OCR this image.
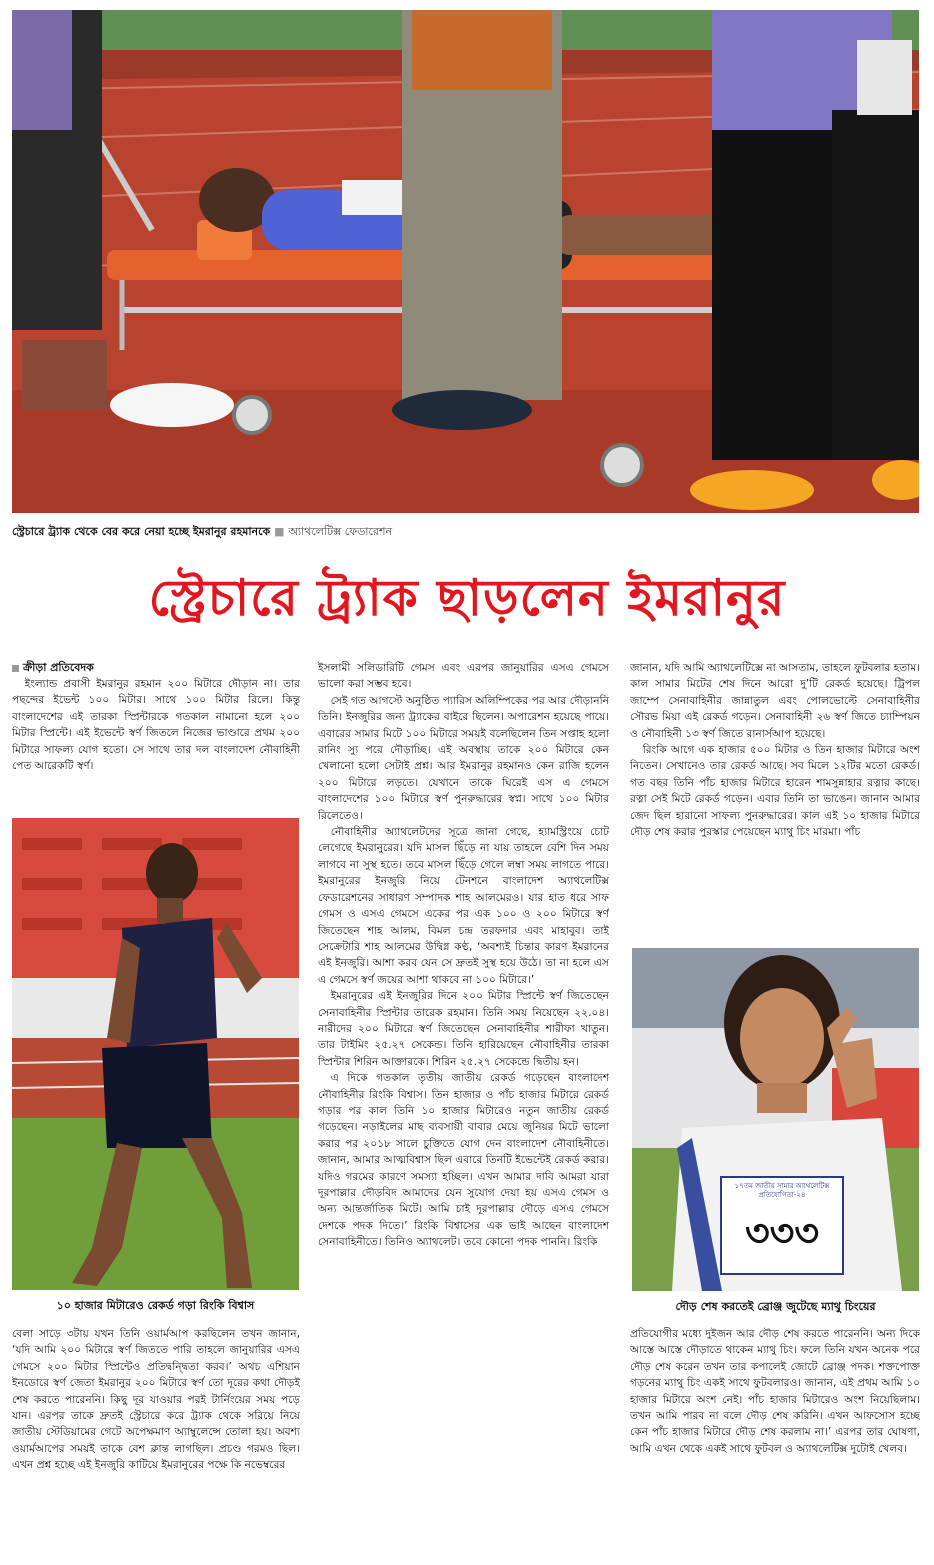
স্ট্রেচারে ট্র্যাক থেকে বের করে নেয়া হচ্ছে ইমরানুর রহমানকে ■ অ্যাথলেটিক্স ফেডারেশন
স্ট্রেচারে ট্র্যাক ছাড়লেন ইমরানুর
ক্রীড়া প্রতিবেদক

ইংল্যান্ড প্রবাসী ইমরানুর রহমান ২০০ মিটারে দৌড়ান না। তার পছন্দের ইভেন্ট ১০০ মিটার। সাথে ১০০ মিটার রিলে। কিন্তু বাংলাদেশের এই তারকা স্প্রিন্টারকে গতকাল নামানো হলে ২০০ মিটার স্প্রিন্টে। এই ইভেন্টে স্বর্ণ জিতলে নিজের ভাণ্ডারে প্রথম ২০০ মিটারে সাফল্য যোগ হতো। সে সাথে তার দল বাংলাদেশ নৌবাহিনী পেত আরেকটি স্বর্ণ।

১০ হাজার মিটারেও রেকর্ড গড়া রিংকি বিশ্বাস

বেলা সাড়ে ৩টায় যখন তিনি ওয়ার্মআপ করছিলেন তখন জানান, ‘যদি আমি ২০০ মিটারে স্বর্ণ জিততে পারি তাহলে জানুয়ারির এসএ গেমসে ২০০ মিটার স্প্রিন্টেও প্রতিদ্বন্দ্বিতা করব।’ অথচ এশিয়ান ইনডোরে স্বর্ণ জেতা ইমরানুর ২০০ মিটারে স্বর্ণ তো দূরের কথা দৌড়ই শেষ করতে পারেননি। কিছু দূর যাওয়ার পরই টার্নিংয়ের সময় পড়ে যান। এরপর তাকে দ্রুতই স্ট্রেচারে করে ট্র্যাক থেকে সরিয়ে নিয়ে জাতীয় স্টেডিয়ামের গেটে অপেক্ষমাণ অ্যাম্বুলেন্সে তোলা হয়। অবশ্য ওয়ার্মআপের সময়ই তাকে বেশ ক্লান্ত লাগছিল। প্রচণ্ড গরমও ছিল। এখন প্রশ্ন হচ্ছে এই ইনজুরি কাটিয়ে ইমরানুরের পক্ষে কি নভেম্বরের

ইসলামী সলিডারিটি গেমস এবং এরপর জানুয়ারির এসএ গেমসে ভালো করা সম্ভব হবে।

সেই গত আগস্টে অনুষ্ঠিত প্যারিস অলিম্পিকের পর আর দৌড়াননি তিনি। ইনজুরির জন্য ট্র্যাকের বাইরে ছিলেন। অপারেশন হয়েছে পায়ে। এবারের সামার মিটে ১০০ মিটারে সময়ই বলেছিলেন তিন সপ্তাহ হলো রানিং স্যু পরে দৌড়াচ্ছি। এই অবস্থায় তাকে ২০০ মিটারে কেন খেলানো হলো সেটাই প্রশ্ন। আর ইমরানুর রহমানও কেন রাজি হলেন ২০০ মিটারে লড়তে। যেখানে তাকে ঘিরেই এস এ গেমসে বাংলাদেশের ১০০ মিটারে স্বর্ণ পুনরুদ্ধারের স্বপ্ন। সাথে ১০০ মিটার রিলেতেও।

নৌবাহিনীর অ্যাথলেটদের সূত্রে জানা গেছে, হ্যামস্ট্রিংয়ে চোট লেগেছে ইমরানুরের। যদি মাসল ছিঁড়ে না যায় তাহলে বেশি দিন সময় লাগবে না সুস্থ হতে। তবে মাসল ছিঁড়ে গেলে লম্বা সময় লাগতে পারে। ইমরানুরের ইনজুরি নিয়ে টেনশনে বাংলাদেশ অ্যাথলেটিক্স ফেডারেশনের সাধারণ সম্পাদক শাহ আলমেরও। যার হাত ধরে সাফ গেমস ও এসএ গেমসে একের পর এক ১০০ ও ২০০ মিটারে স্বর্ণ জিতেছেন শাহ আলম, বিমল চন্দ্র তরফদার এবং মাহাবুব। তাই সেক্রেটারি শাহ আলমের উদ্বিগ্ন কণ্ঠ, ‘অবশ্যই চিন্তার কারণ ইমরানের এই ইনজুরি। আশা করব যেন সে দ্রুতই সুস্থ হয়ে উঠে। তা না হলে এস এ গেমসে স্বর্ণ জয়ের আশা থাকবে না ১০০ মিটারে।’

ইমরানুরের এই ইনজুরির দিনে ২০০ মিটার স্প্রিন্টে স্বর্ণ জিতেছেন সেনাবাহিনীর স্প্রিন্টার তারেক রহমান। তিনি সময় নিয়েছেন ২২.০৪। নারীদের ২০০ মিটারে স্বর্ণ জিতেছেন সেনাবাহিনীর শারীফা খাতুন। তার টাইমিং ২৫.২৭ সেকেন্ড। তিনি হারিয়েছেন নৌবাহিনীর তারকা স্প্রিন্টার শিরিন আক্তারকে। শিরিন ২৫.২৭ সেকেন্ডে দ্বিতীয় হন।

এ দিকে গতকাল তৃতীয় জাতীয় রেকর্ড গড়েছেন বাংলাদেশ নৌবাহিনীর রিংকি বিশ্বাস। তিন হাজার ও পাঁচ হাজার মিটারে রেকর্ড গড়ার পর কাল তিনি ১০ হাজার মিটারেও নতুন জাতীয় রেকর্ড গড়েছেন। নড়াইলের মাছ ব্যবসায়ী বাবার মেয়ে জুনিয়র মিটে ভালো করার পর ২০১৮ সালে চুক্তিতে যোগ দেন বাংলাদেশ নৌবাহিনীতে। জানান, আমার আত্মবিশ্বাস ছিল এবারে তিনটি ইভেন্টেই রেকর্ড করার। যদিও গরমের কারণে সমস্যা হচ্ছিল। এখন আমার দাবি আমরা যারা দূরপাল্লার দৌড়বিদ আমাদের যেন সুযোগ দেয়া হয় এসএ গেমস ও অন্য আন্তর্জাতিক মিটে। আমি চাই দূরপাল্লার দৌড়ে এসএ গেমসে দেশকে পদক দিতে।’ রিংকি বিশ্বাসের এক ভাই আছেন বাংলাদেশ সেনাবাহিনীতে। তিনিও অ্যাথলেট। তবে কোনো পদক পাননি। রিংকি

জানান, যদি আমি অ্যাথলেটিক্সে না আসতাম, তাহলে ফুটবলার হতাম। কাল সামার মিটের শেষ দিনে আরো দু’টি রেকর্ড হয়েছে। ট্রিপল জাম্পে সেনাবাহিনীর জান্নাতুল এবং পোলভোল্টে সেনাবাহিনীর সৌরভ মিয়া এই রেকর্ড গড়েন। সেনাবাহিনী ২৬ স্বর্ণ জিতে চ্যাম্পিয়ন ও নৌবাহিনী ১৩ স্বর্ণ জিতে রানার্সআপ হয়েছে।

রিংকি আগে এক হাজার ৫০০ মিটার ও তিন হাজার মিটারে অংশ নিতেন। সেখানেও তার রেকর্ড আছে। সব মিলে ১২টির মতো রেকর্ড। গত বছর তিনি পাঁচ হাজার মিটারে হারেন শামসুন্নাহার রত্নার কাছে। রত্না সেই মিটে রেকর্ড গড়েন। এবার তিনি তা ভাঙেন। জানান আমার জেদ ছিল হারানো সাফল্য পুনরুদ্ধারের। কাল এই ১০ হাজার মিটারে দৌড় শেষ করার পুরস্কার পেয়েছেন ম্যাথু চিং মারমা। পাঁচ

১৭তম জাতীয় সামার অ্যাথলেটিক্স প্রতিযোগিতা-২৪
৩৩৩
দৌড় শেষ করতেই ব্রোঞ্জ জুটেছে ম্যাথু চিংয়ের

প্রতিযোগীর মধ্যে দুইজন আর দৌড় শেষ করতে পারেননি। অন্য দিকে আস্তে আস্তে দৌড়াতে থাকেন ম্যাথু চিং। ফলে তিনি যখন অনেক পরে দৌড় শেষ করেন তখন তার কপালেই জোটে ব্রোঞ্জ পদক। শক্তপোক্ত গড়নের ম্যাথু চিং একই সাথে ফুটবলারও। জানান, এই প্রথম আমি ১০ হাজার মিটারে অংশ নেই। পাঁচ হাজার মিটারেও অংশ নিয়েছিলাম। তখন আমি পারব না বলে দৌড় শেষ করিনি। এখন আফসোস হচ্ছে কেন পাঁচ হাজার মিটারে দৌড় শেষ করলাম না।’ এরপর তার ঘোষণা, আমি এখন থেকে একই সাথে ফুটবল ও অ্যাথলেটিক্স দুটোই খেলব।
